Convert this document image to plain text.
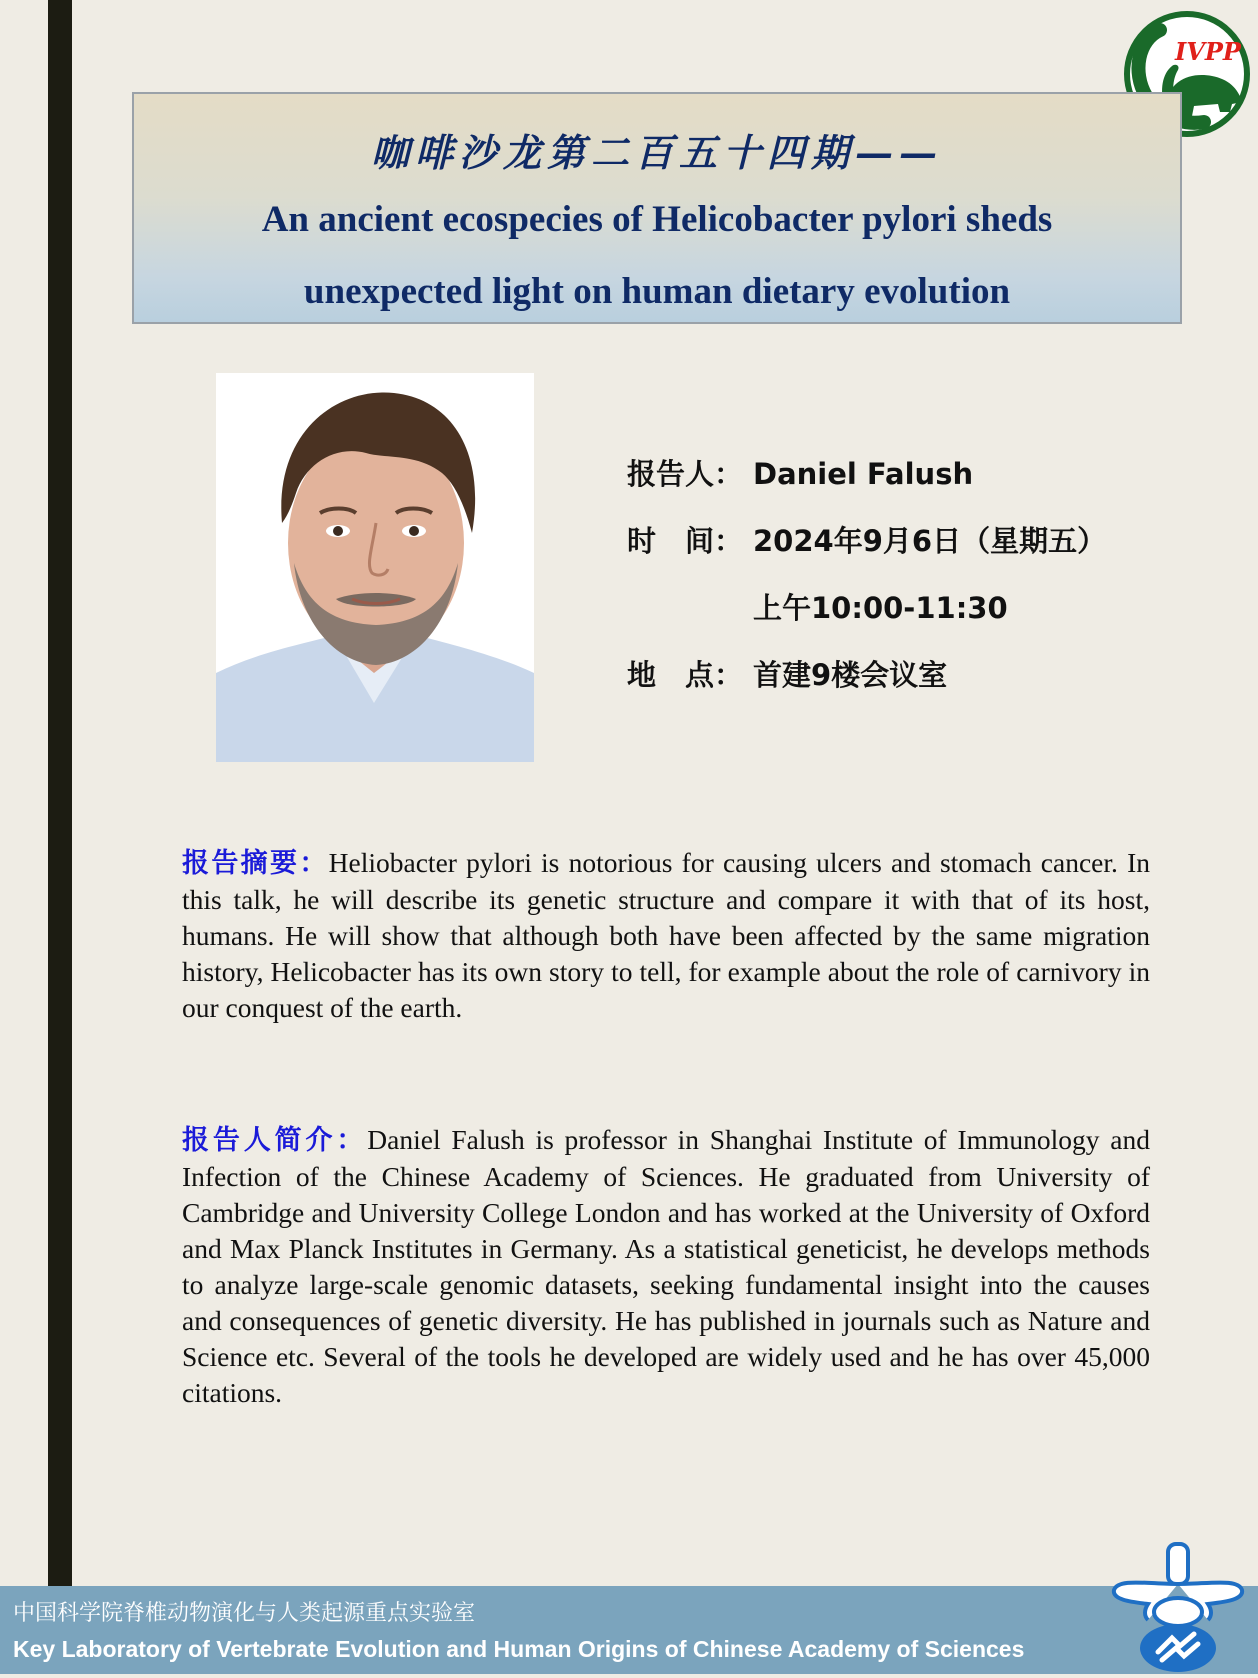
IVPP
咖啡沙龙第二百五十四期——
An ancient ecospecies of Helicobacter pylori sheds
unexpected light on human dietary evolution
报告人： Daniel Falush
时　间： 2024年9月6日（星期五）
上午10:00-11:30
地　点： 首建9楼会议室
报告摘要：Heliobacter pylori is notorious for causing ulcers and stomach cancer. In this talk, he will describe its genetic structure and compare it with that of its host, humans. He will show that although both have been affected by the same migration history, Helicobacter has its own story to tell, for example about the role of carnivory in our conquest of the earth.
报告人简介：Daniel Falush is professor in Shanghai Institute of Immunology and Infection of the Chinese Academy of Sciences. He graduated from University of Cambridge and University College London and has worked at the University of Oxford and Max Planck Institutes in Germany. As a statistical geneticist, he develops methods to analyze large-scale genomic datasets, seeking fundamental insight into the causes and consequences of genetic diversity. He has published in journals such as Nature and Science etc. Several of the tools he developed are widely used and he has over 45,000 citations.
中国科学院脊椎动物演化与人类起源重点实验室
Key Laboratory of Vertebrate Evolution and Human Origins of Chinese Academy of Sciences
